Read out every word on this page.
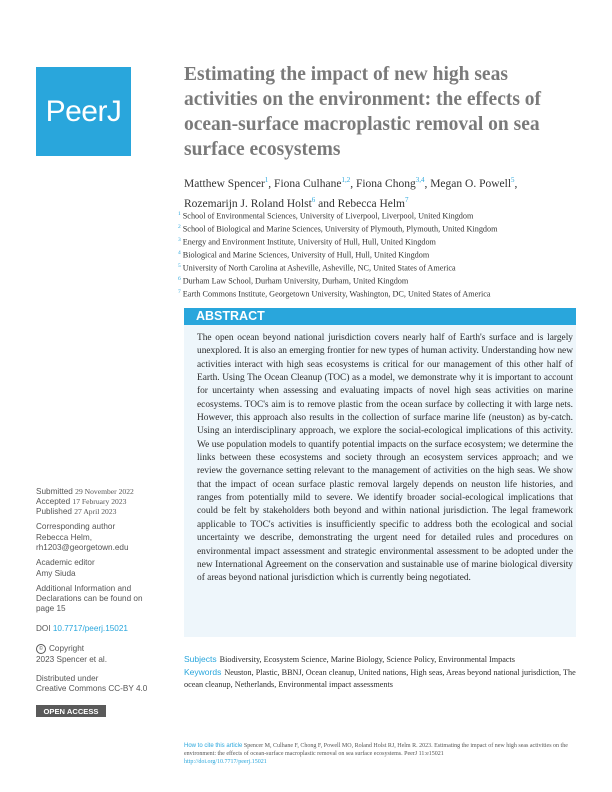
PeerJ
Estimating the impact of new high seas activities on the environment: the effects of ocean-surface macroplastic removal on sea surface ecosystems
Matthew Spencer$^1$, Fiona Culhane$^{1,2}$, Fiona Chong$^{3,4}$, Megan O. Powell$^5$,
Rozemarijn J. Roland Holst$^6$ and Rebecca Helm$^7$
$^1$ School of Environmental Sciences, University of Liverpool, Liverpool, United Kingdom
$^2$ School of Biological and Marine Sciences, University of Plymouth, Plymouth, United Kingdom
$^3$ Energy and Environment Institute, University of Hull, Hull, United Kingdom
$^4$ Biological and Marine Sciences, University of Hull, Hull, United Kingdom
$^5$ University of North Carolina at Asheville, Asheville, NC, United States of America
$^6$ Durham Law School, Durham University, Durham, United Kingdom
$^7$ Earth Commons Institute, Georgetown University, Washington, DC, United States of America
ABSTRACT

The open ocean beyond national jurisdiction covers nearly half of Earth's surface and is largely unexplored. It is also an emerging frontier for new types of human activity. Understanding how new activities interact with high seas ecosystems is critical for our management of this other half of Earth. Using The Ocean Cleanup (TOC) as a model, we demonstrate why it is important to account for uncertainty when assessing and evaluating impacts of novel high seas activities on marine ecosystems. TOC's aim is to remove plastic from the ocean surface by collecting it with large nets. However, this approach also results in the collection of surface marine life (neuston) as by-catch. Using an interdisciplinary approach, we explore the social-ecological implications of this activity. We use population models to quantify potential impacts on the surface ecosystem; we determine the links between these ecosystems and society through an ecosystem services approach; and we review the governance setting relevant to the management of activities on the high seas. We show that the impact of ocean surface plastic removal largely depends on neuston life histories, and ranges from potentially mild to severe. We identify broader social-ecological implications that could be felt by stakeholders both beyond and within national jurisdiction. The legal framework applicable to TOC's activities is insufficiently specific to address both the ecological and social uncertainty we describe, demonstrating the urgent need for detailed rules and procedures on environmental impact assessment and strategic environmental assessment to be adopted under the new International Agreement on the conservation and sustainable use of marine biological diversity of areas beyond national jurisdiction which is currently being negotiated.

Subjects Biodiversity, Ecosystem Science, Marine Biology, Science Policy, Environmental Impacts
Keywords Neuston, Plastic, BBNJ, Ocean cleanup, United nations, High seas, Areas beyond national jurisdiction, The ocean cleanup, Netherlands, Environmental impact assessments
Submitted 29 November 2022
Accepted 17 February 2023
Published 27 April 2023
Corresponding author
Rebecca Helm,
rh1203@georgetown.edu
Academic editor
Amy Siuda
Additional Information and Declarations can be found on page 15
DOI 10.7717/peerj.15021
© Copyright
2023 Spencer et al.
Distributed under
Creative Commons CC-BY 4.0
OPEN ACCESS
How to cite this article Spencer M, Culhane F, Chong F, Powell MO, Roland Holst RJ, Helm R. 2023. Estimating the impact of new high seas activities on the environment: the effects of ocean-surface macroplastic removal on sea surface ecosystems. PeerJ 11:e15021
http://doi.org/10.7717/peerj.15021
